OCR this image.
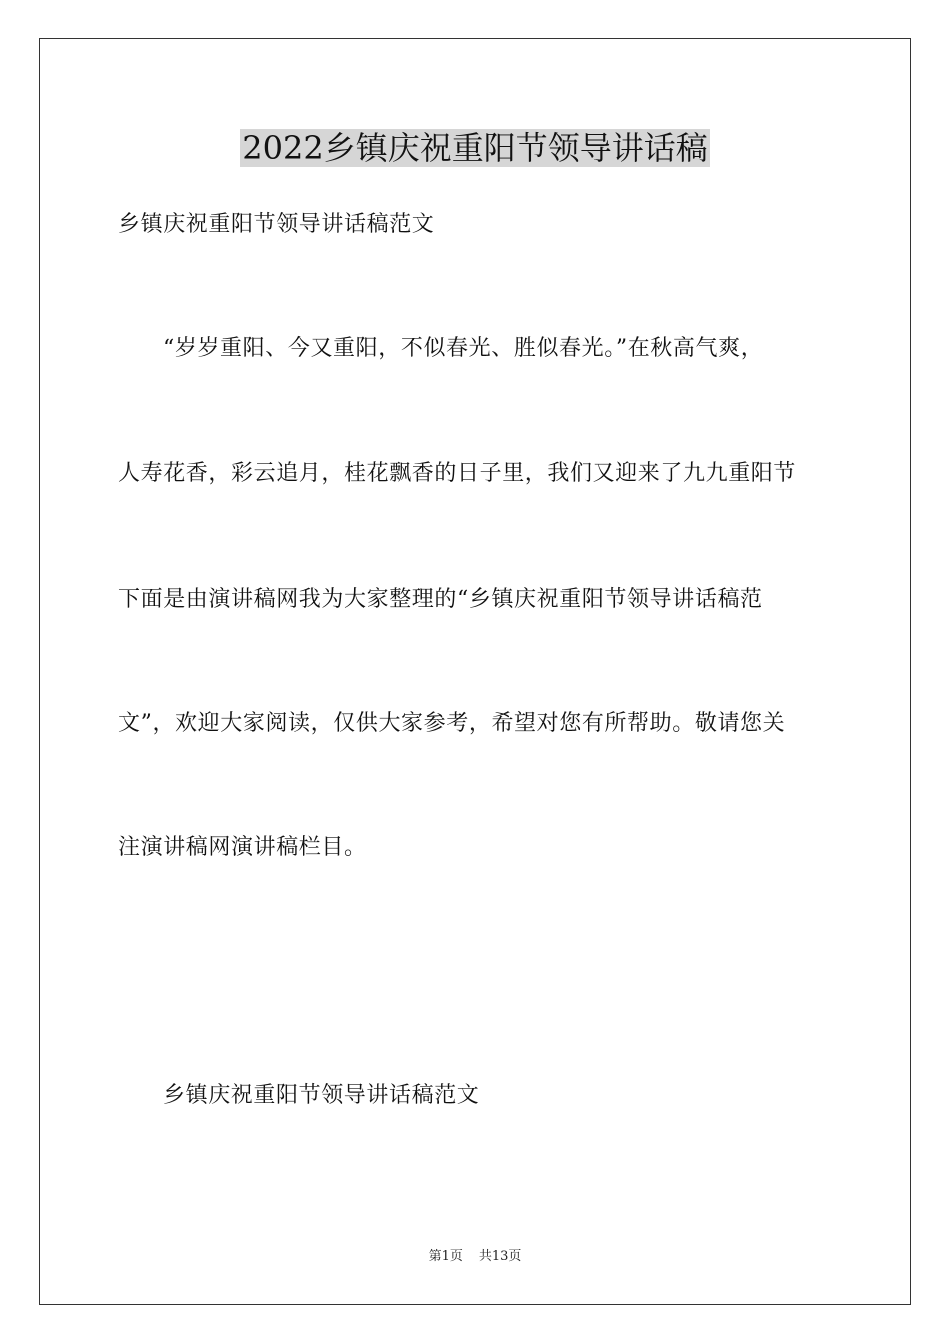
2022乡镇庆祝重阳节领导讲话稿
乡镇庆祝重阳节领导讲话稿范文
“岁岁重阳、今又重阳，不似春光、胜似春光。”在秋高气爽，
人寿花香，彩云追月，桂花飘香的日子里，我们又迎来了九九重阳节
下面是由演讲稿网我为大家整理的“乡镇庆祝重阳节领导讲话稿范
文”，欢迎大家阅读，仅供大家参考，希望对您有所帮助。敬请您关
注演讲稿网演讲稿栏目。
乡镇庆祝重阳节领导讲话稿范文
第1页 共13页
